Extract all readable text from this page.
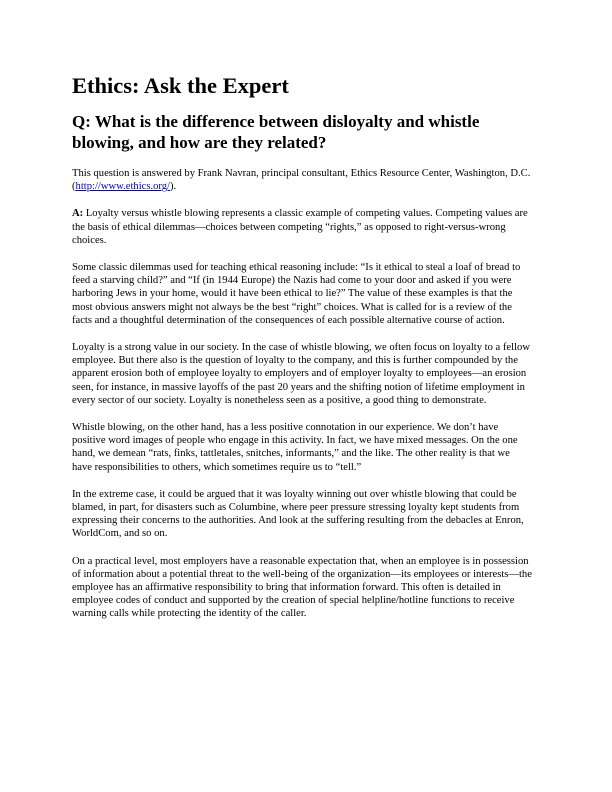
Ethics: Ask the Expert
Q: What is the difference between disloyalty and whistle blowing, and how are they related?

This question is answered by Frank Navran, principal consultant, Ethics Resource Center, Washington, D.C. (http://www.ethics.org/).

A: Loyalty versus whistle blowing represents a classic example of competing values. Competing values are the basis of ethical dilemmas—choices between competing “rights,” as opposed to right-versus-wrong choices.

Some classic dilemmas used for teaching ethical reasoning include: “Is it ethical to steal a loaf of bread to feed a starving child?” and “If (in 1944 Europe) the Nazis had come to your door and asked if you were harboring Jews in your home, would it have been ethical to lie?” The value of these examples is that the most obvious answers might not always be the best “right” choices. What is called for is a review of the facts and a thoughtful determination of the consequences of each possible alternative course of action.

Loyalty is a strong value in our society. In the case of whistle blowing, we often focus on loyalty to a fellow employee. But there also is the question of loyalty to the company, and this is further compounded by the apparent erosion both of employee loyalty to employers and of employer loyalty to employees—an erosion seen, for instance, in massive layoffs of the past 20 years and the shifting notion of lifetime employment in every sector of our society. Loyalty is nonetheless seen as a positive, a good thing to demonstrate.

Whistle blowing, on the other hand, has a less positive connotation in our experience. We don’t have positive word images of people who engage in this activity. In fact, we have mixed messages. On the one hand, we demean “rats, finks, tattletales, snitches, informants,” and the like. The other reality is that we have responsibilities to others, which sometimes require us to “tell.”

In the extreme case, it could be argued that it was loyalty winning out over whistle blowing that could be blamed, in part, for disasters such as Columbine, where peer pressure stressing loyalty kept students from expressing their concerns to the authorities. And look at the suffering resulting from the debacles at Enron, WorldCom, and so on.

On a practical level, most employers have a reasonable expectation that, when an employee is in possession of information about a potential threat to the well-being of the organization—its employees or interests—the employee has an affirmative responsibility to bring that information forward. This often is detailed in employee codes of conduct and supported by the creation of special helpline/hotline functions to receive warning calls while protecting the identity of the caller.
